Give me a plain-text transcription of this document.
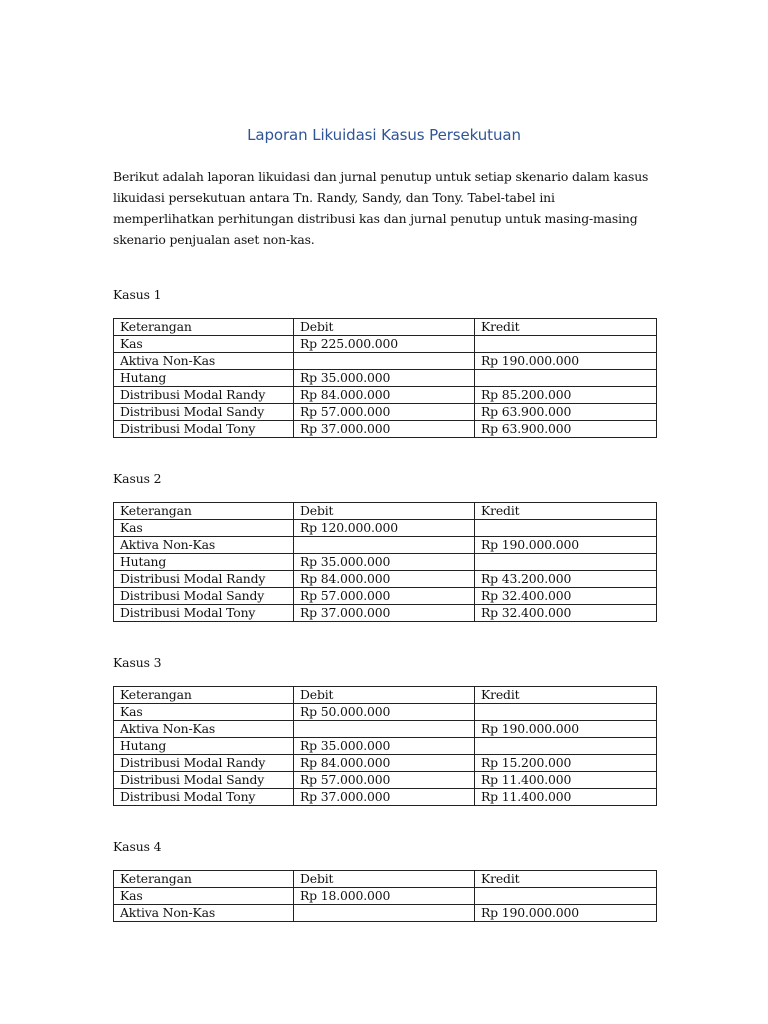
Laporan Likuidasi Kasus Persekutuan

Berikut adalah laporan likuidasi dan jurnal penutup untuk setiap skenario dalam kasus likuidasi persekutuan antara Tn. Randy, Sandy, dan Tony. Tabel-tabel ini memperlihatkan perhitungan distribusi kas dan jurnal penutup untuk masing-masing skenario penjualan aset non-kas.

Kasus 1

Keterangan	Debit	Kredit
Kas	Rp 225.000.000	
Aktiva Non-Kas		Rp 190.000.000
Hutang	Rp 35.000.000	
Distribusi Modal Randy	Rp 84.000.000	Rp 85.200.000
Distribusi Modal Sandy	Rp 57.000.000	Rp 63.900.000
Distribusi Modal Tony	Rp 37.000.000	Rp 63.900.000

Kasus 2

Keterangan	Debit	Kredit
Kas	Rp 120.000.000	
Aktiva Non-Kas		Rp 190.000.000
Hutang	Rp 35.000.000	
Distribusi Modal Randy	Rp 84.000.000	Rp 43.200.000
Distribusi Modal Sandy	Rp 57.000.000	Rp 32.400.000
Distribusi Modal Tony	Rp 37.000.000	Rp 32.400.000

Kasus 3

Keterangan	Debit	Kredit
Kas	Rp 50.000.000	
Aktiva Non-Kas		Rp 190.000.000
Hutang	Rp 35.000.000	
Distribusi Modal Randy	Rp 84.000.000	Rp 15.200.000
Distribusi Modal Sandy	Rp 57.000.000	Rp 11.400.000
Distribusi Modal Tony	Rp 37.000.000	Rp 11.400.000

Kasus 4

Keterangan	Debit	Kredit
Kas	Rp 18.000.000	
Aktiva Non-Kas		Rp 190.000.000
